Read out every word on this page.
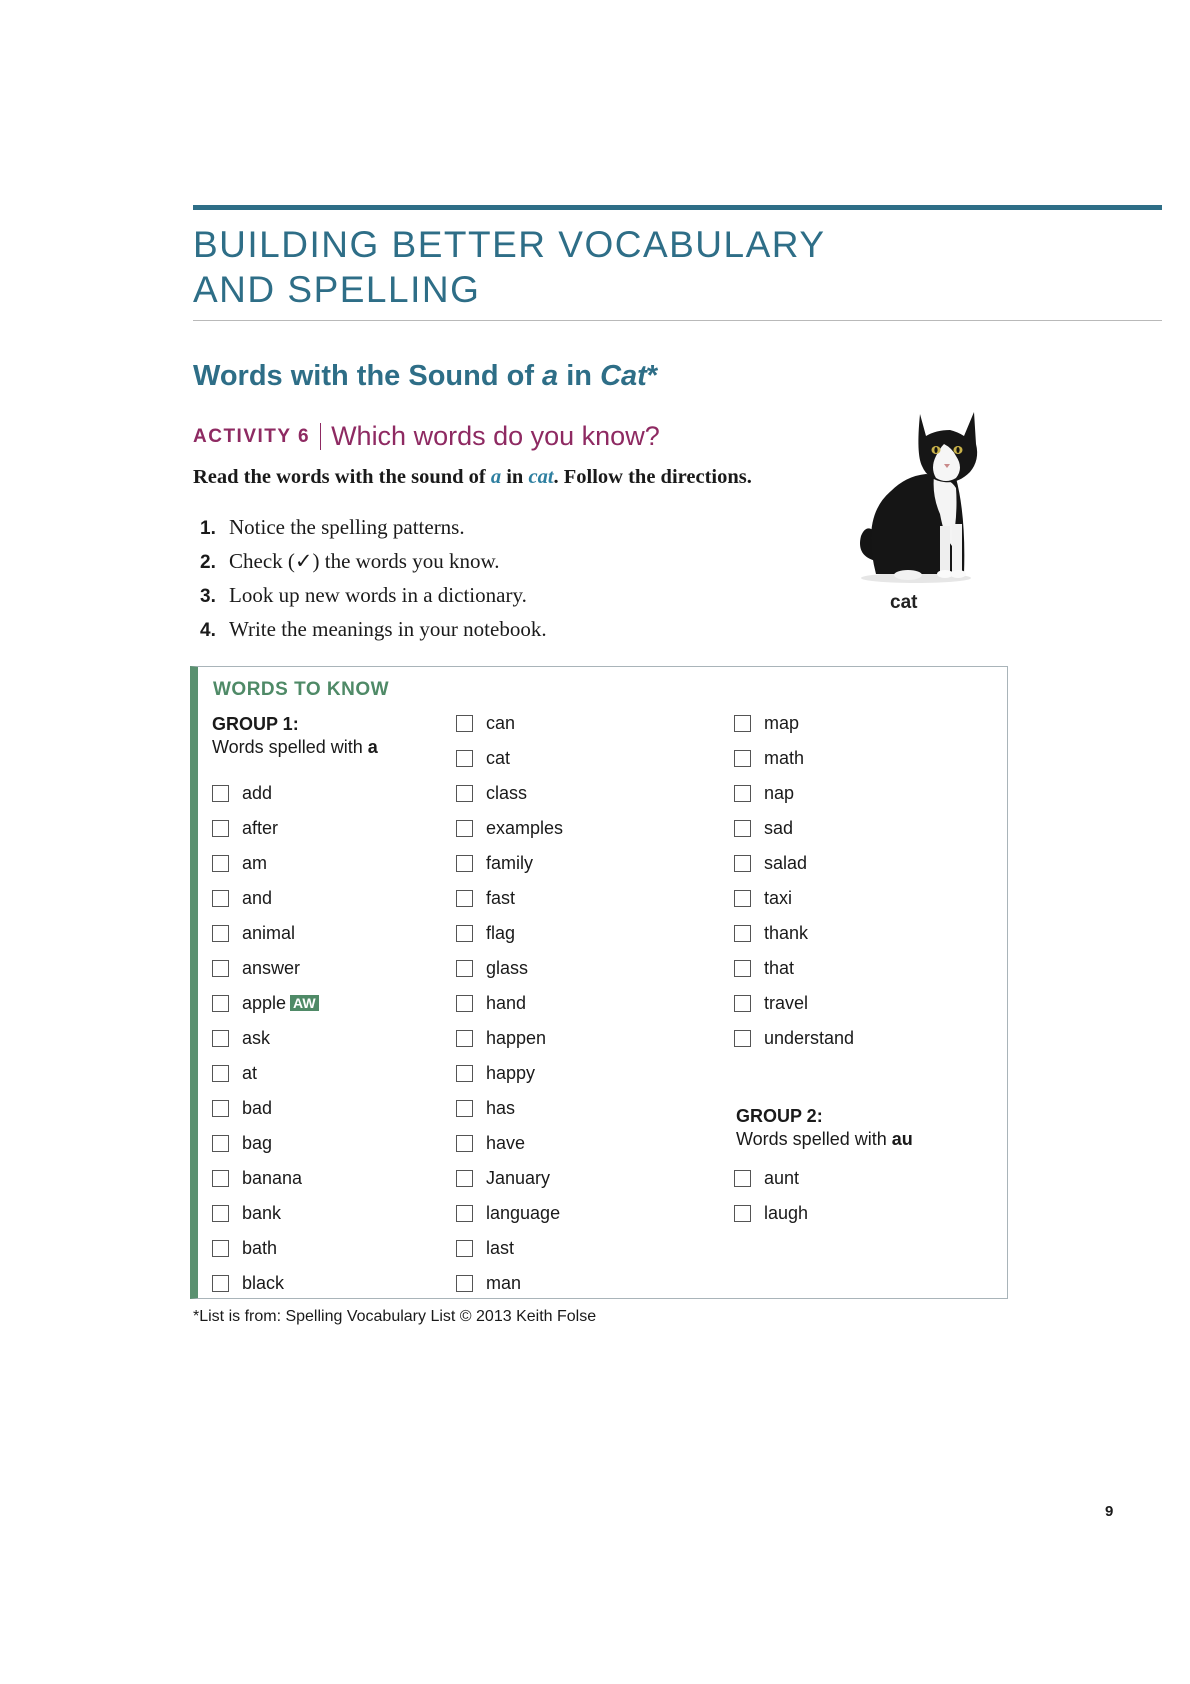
BUILDING BETTER VOCABULARY
AND SPELLING
Words with the Sound of a in Cat*
ACTIVITY 6 Which words do you know?

Read the words with the sound of a in cat. Follow the directions.

1. Notice the spelling patterns.
2. Check (✓) the words you know.
3. Look up new words in a dictionary.
4. Write the meanings in your notebook.
cat
WORDS TO KNOW
GROUP 1:
Words spelled with a
add
after
am
and
animal
answer
apple AW
ask
at
bad
bag
banana
bank
bath
black
can
cat
class
examples
family
fast
flag
glass
hand
happen
happy
has
have
January
language
last
man
map
math
nap
sad
salad
taxi
thank
that
travel
understand
GROUP 2:
Words spelled with au
aunt
laugh
*List is from: Spelling Vocabulary List © 2013 Keith Folse
9
